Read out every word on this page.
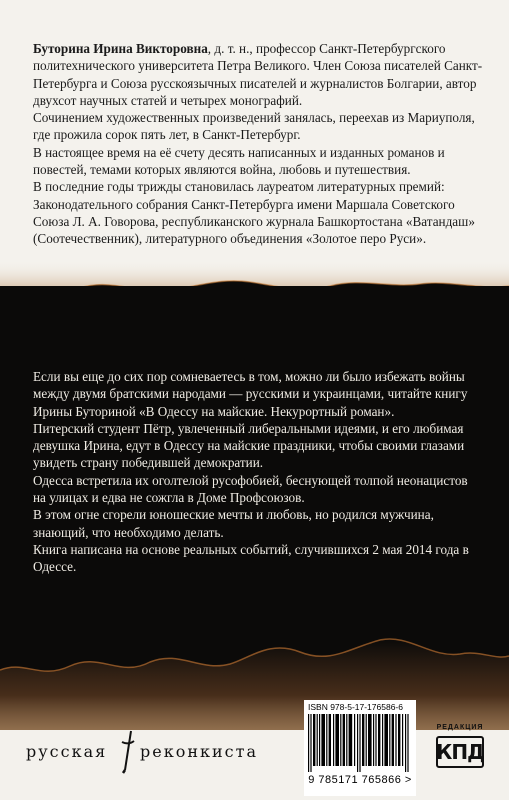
Буторина Ирина Викторовна, д. т. н., профессор Санкт-Петербургского политехнического университета Петра Великого. Член Союза писателей Санкт-Петербурга и Союза русскоязычных писателей и журналистов Болгарии, автор двухсот научных статей и четырех монографий.

Сочинением художественных произведений занялась, переехав из Мариуполя, где прожила сорок пять лет, в Санкт-Петербург.

В настоящее время на её счету десять написанных и изданных романов и повестей, темами которых являются война, любовь и путешествия.

В последние годы трижды становилась лауреатом литературных премий: Законодательного собрания Санкт-Петербурга имени Маршала Советского Союза Л. А. Говорова, республиканского журнала Башкортостана «Ватандаш» (Соотечественник), литературного объединения «Золотое перо Руси».

Если вы еще до сих пор сомневаетесь в том, можно ли было избежать войны между двумя братскими народами — русскими и украинцами, читайте книгу Ирины Буториной «В Одессу на майские. Некурортный роман».

Питерский студент Пётр, увлеченный либеральными идеями, и его любимая девушка Ирина, едут в Одессу на майские праздники, чтобы своими глазами увидеть страну победившей демократии.

Одесса встретила их оголтелой русофобией, беснующей толпой неонацистов на улицах и едва не сожгла в Доме Профсоюзов.

В этом огне сгорели юношеские мечты и любовь, но родился мужчина, знающий, что необходимо делать.

Книга написана на основе реальных событий, случившихся 2 мая 2014 года в Одессе.

русская реконкиста
ISBN 978-5-17-176586-6
9 785171 765866 >
РЕДАКЦИЯ
КПД
